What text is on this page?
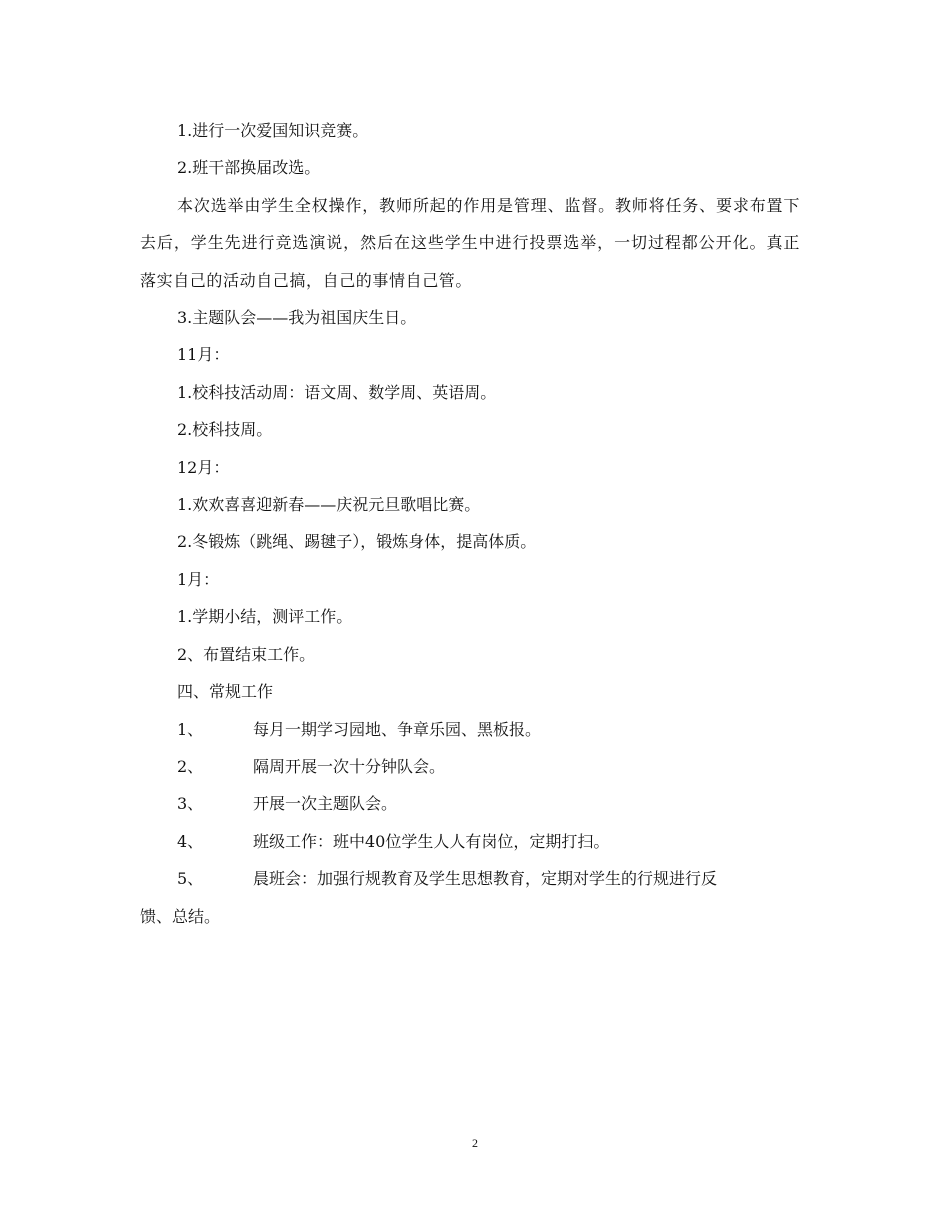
1.进行一次爱国知识竞赛。

2.班干部换届改选。

本次选举由学生全权操作，教师所起的作用是管理、监督。教师将任务、要求布置下去后，学生先进行竞选演说，然后在这些学生中进行投票选举，一切过程都公开化。真正落实自己的活动自己搞，自己的事情自己管。

3.主题队会——我为祖国庆生日。

11月：

1.校科技活动周：语文周、数学周、英语周。

2.校科技周。

12月：

1.欢欢喜喜迎新春——庆祝元旦歌唱比赛。

2.冬锻炼（跳绳、踢毽子），锻炼身体，提高体质。

1月：

1.学期小结，测评工作。

2、布置结束工作。

四、常规工作

1、	每月一期学习园地、争章乐园、黑板报。

2、	隔周开展一次十分钟队会。

3、	开展一次主题队会。

4、	班级工作：班中40位学生人人有岗位，定期打扫。

5、	晨班会：加强行规教育及学生思想教育，定期对学生的行规进行反

馈、总结。

2
